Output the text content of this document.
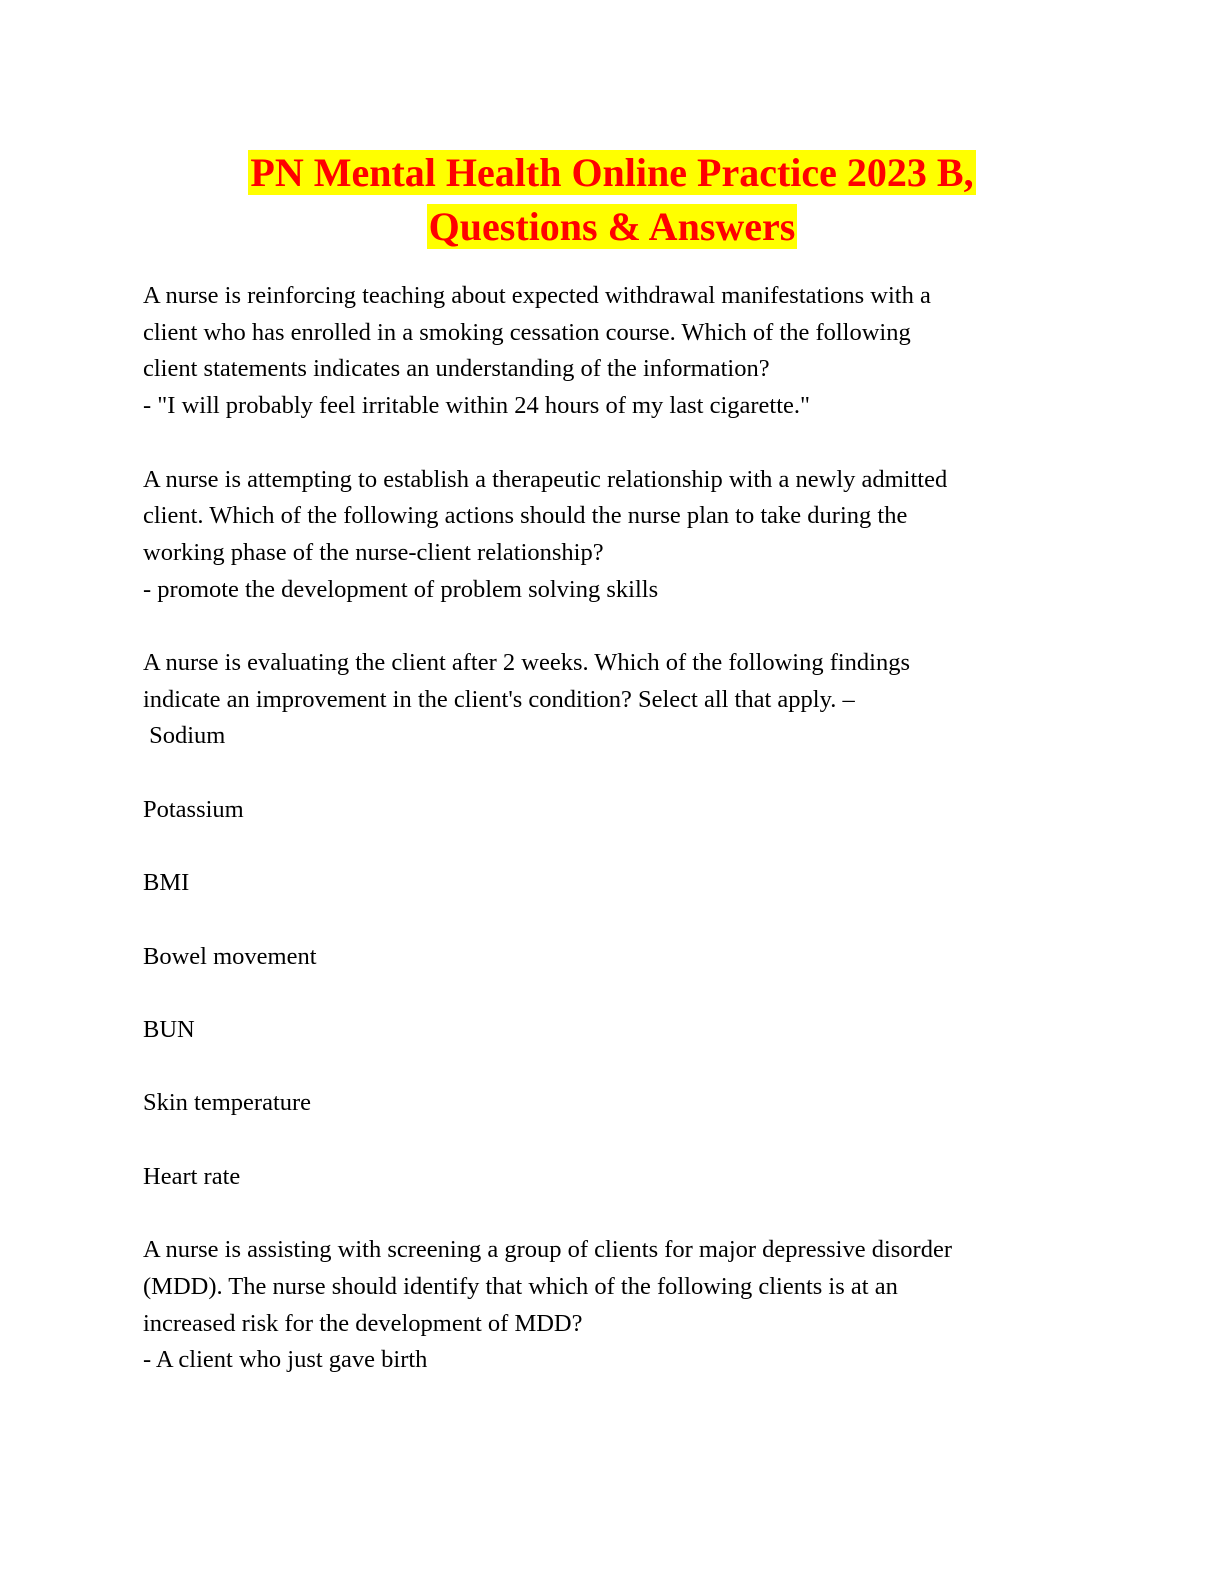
PN Mental Health Online Practice 2023 B,
Questions & Answers
A nurse is reinforcing teaching about expected withdrawal manifestations with a
client who has enrolled in a smoking cessation course. Which of the following
client statements indicates an understanding of the information?
- "I will probably feel irritable within 24 hours of my last cigarette."
A nurse is attempting to establish a therapeutic relationship with a newly admitted
client. Which of the following actions should the nurse plan to take during the
working phase of the nurse-client relationship?
- promote the development of problem solving skills
A nurse is evaluating the client after 2 weeks. Which of the following findings
indicate an improvement in the client's condition? Select all that apply. –
Sodium
Potassium
BMI
Bowel movement
BUN
Skin temperature
Heart rate
A nurse is assisting with screening a group of clients for major depressive disorder
(MDD). The nurse should identify that which of the following clients is at an
increased risk for the development of MDD?
- A client who just gave birth
